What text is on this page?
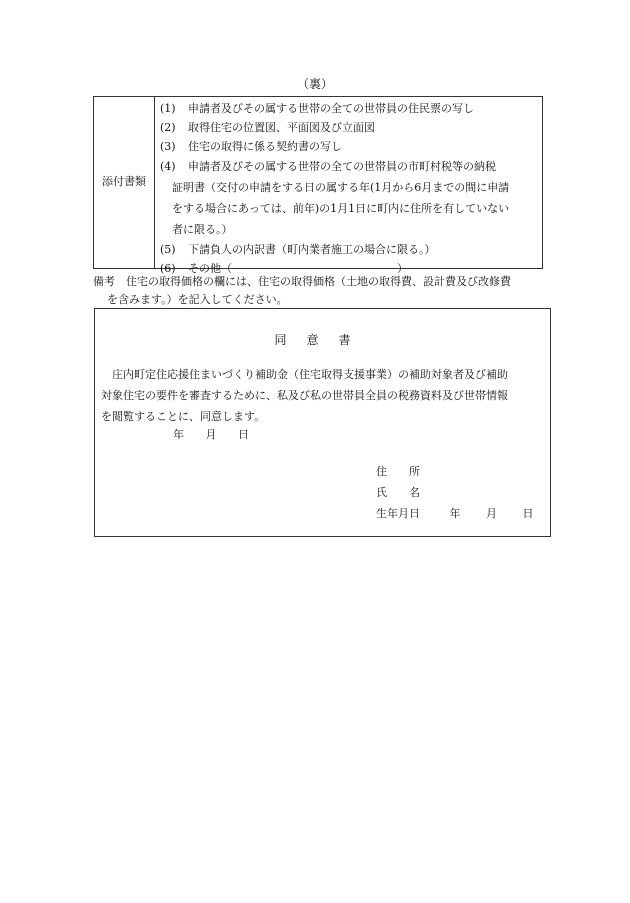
（裏）
添付書類
(1)	申請者及びその属する世帯の全ての世帯員の住民票の写し
(2)	取得住宅の位置図、平面図及び立面図
(3)	住宅の取得に係る契約書の写し
(4)	申請者及びその属する世帯の全ての世帯員の市町村税等の納税
証明書（交付の申請をする日の属する年(1月から6月までの間に申請
をする場合にあっては、前年)の1月1日に町内に住所を有していない
者に限る。）
(5)	下請負人の内訳書（町内業者施工の場合に限る。）
(6)	その他（　　　　　　　　　　　　　　　）
備考　住宅の取得価格の欄には、住宅の取得価格（土地の取得費、設計費及び改修費
を含みます。）を記入してください。
同意書
庄内町定住応援住まいづくり補助金（住宅取得支援事業）の補助対象者及び補助
対象住宅の要件を審査するために、私及び私の世帯員全員の税務資料及び世帯情報
を閲覧することに、同意します。
年 月 日
住　　所
氏　　名
生年月日	年 月 日
